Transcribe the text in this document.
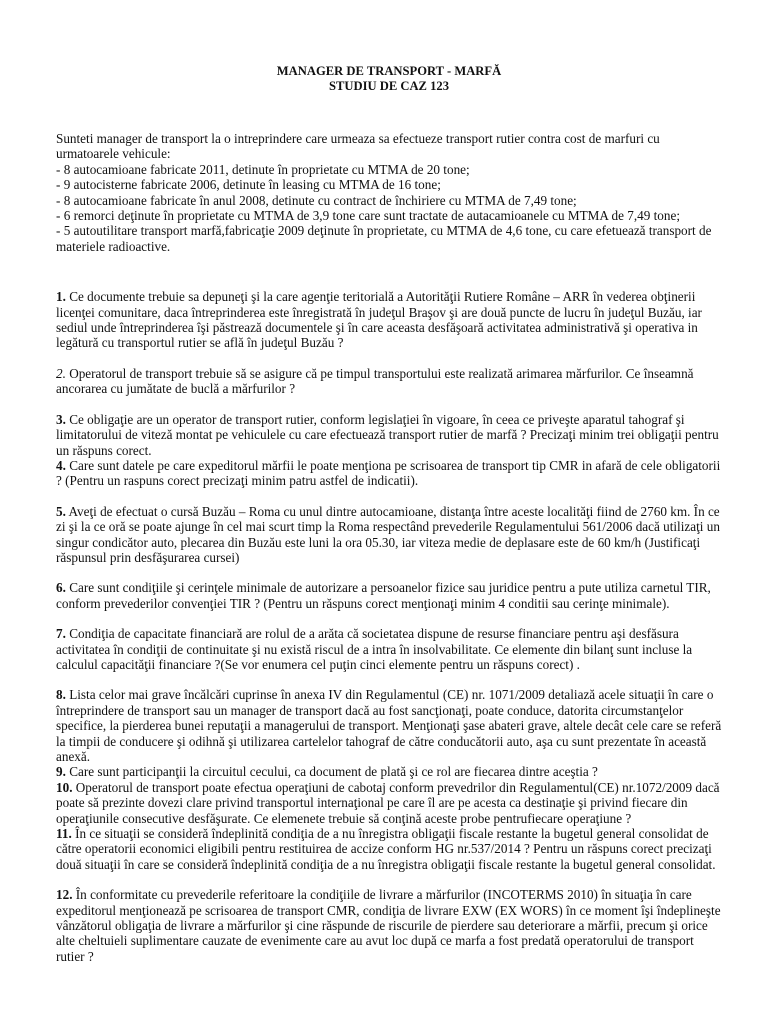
MANAGER DE TRANSPORT - MARFĂ

STUDIU DE CAZ 123

Sunteti manager de transport la o intreprindere care urmeaza sa efectueze transport rutier contra cost de marfuri cu urmatoarele vehicule:

- 8 autocamioane fabricate 2011, detinute în proprietate cu MTMA de 20 tone;

- 9 autocisterne fabricate 2006, detinute în leasing cu MTMA de 16 tone;

- 8 autocamioane fabricate în anul 2008, detinute cu contract de închiriere cu MTMA de 7,49 tone;

- 6 remorci deţinute în proprietate cu MTMA de 3,9 tone care sunt tractate de autacamioanele cu MTMA de 7,49 tone;

- 5 autoutilitare transport marfă,fabricaţie 2009 deţinute în proprietate, cu MTMA de 4,6 tone, cu care efetuează transport de materiele radioactive.

1. Ce documente trebuie sa depuneţi şi la care agenţie teritorială a Autorităţii Rutiere Române – ARR în vederea obţinerii licenţei comunitare, daca întreprinderea este înregistrată în judeţul Braşov şi are două puncte de lucru în judeţul Buzău, iar sediul unde întreprinderea îşi păstrează documentele şi în care aceasta desfăşoară activitatea administrativă şi operativa in legătură cu transportul rutier se află în judeţul Buzău ?

2. Operatorul de transport trebuie să se asigure că pe timpul transportului este realizată arimarea mărfurilor. Ce înseamnă ancorarea cu jumătate de buclă a mărfurilor ?

3. Ce obligaţie are un operator de transport rutier, conform legislaţiei în vigoare, în ceea ce priveşte aparatul tahograf şi limitatorului de viteză montat pe vehiculele cu care efectuează transport rutier de marfă ? Precizaţi minim trei obligaţii pentru un răspuns corect.

4. Care sunt datele pe care expeditorul mărfii le poate menţiona pe scrisoarea de transport tip CMR in afară de cele obligatorii ? (Pentru un raspuns corect precizaţi minim patru astfel de indicatii).

5. Aveţi de efectuat o cursă Buzău – Roma cu unul dintre autocamioane, distanţa între aceste localităţi fiind de 2760 km. În ce zi şi la ce oră se poate ajunge în cel mai scurt timp la Roma respectând prevederile Regulamentului 561/2006 dacă utilizaţi un singur condicător auto, plecarea din Buzău este luni la ora 05.30, iar viteza medie de deplasare este de 60 km/h (Justificaţi răspunsul prin desfăşurarea cursei)

6. Care sunt condiţiile şi cerinţele minimale de autorizare a persoanelor fizice sau juridice pentru a pute utiliza carnetul TIR, conform prevederilor convenţiei TIR ? (Pentru un răspuns corect menţionaţi minim 4 conditii sau cerinţe minimale).

7. Condiţia de capacitate financiară are rolul de a arăta că societatea dispune de resurse financiare pentru aşi desfăsura activitatea în condiţii de continuitate şi nu există riscul de a intra în insolvabilitate. Ce elemente din bilanţ sunt incluse la calculul capacităţii financiare ?(Se vor enumera cel puţin cinci elemente pentru un răspuns corect) .

8. Lista celor mai grave încălcări cuprinse în anexa IV din Regulamentul (CE) nr. 1071/2009 detaliază acele situaţii în care o întreprindere de transport sau un manager de transport dacă au fost sancţionaţi, poate conduce, datorita circumstanţelor specifice, la pierderea bunei reputaţii a managerului de transport. Menţionaţi şase abateri grave, altele decât cele care se referă la timpii de conducere şi odihnă şi utilizarea cartelelor tahograf de către conducătorii auto, aşa cu sunt prezentate în această anexă.

9. Care sunt participanţii la circuitul cecului, ca document de plată şi ce rol are fiecarea dintre aceştia ?

10. Operatorul de transport poate efectua operaţiuni de cabotaj conform prevedrilor din Regulamentul(CE) nr.1072/2009 dacă poate să prezinte dovezi clare privind transportul internaţional pe care îl are pe acesta ca destinaţie şi privind fiecare din operaţiunile consecutive desfăşurate. Ce elemenete trebuie să conţină aceste probe pentrufiecare operaţiune ?

11. În ce situaţii se consideră îndeplinită condiţia de a nu înregistra obligaţii fiscale restante la bugetul general consolidat de către operatorii economici eligibili pentru restituirea de accize conform HG nr.537/2014 ? Pentru un răspuns corect precizaţi două situaţii în care se consideră îndeplinită condiţia de a nu înregistra obligaţii fiscale restante la bugetul general consolidat.

12. În conformitate cu prevederile referitoare la condiţiile de livrare a mărfurilor (INCOTERMS 2010) în situaţia în care expeditorul menţionează pe scrisoarea de transport CMR, condiţia de livrare EXW (EX WORS) în ce moment îşi îndeplineşte vânzătorul obligaţia de livrare a mărfurilor şi cine răspunde de riscurile de pierdere sau deteriorare a mărfii, precum şi orice alte cheltuieli suplimentare cauzate de evenimente care au avut loc după ce marfa a fost predată operatorului de transport rutier ?
